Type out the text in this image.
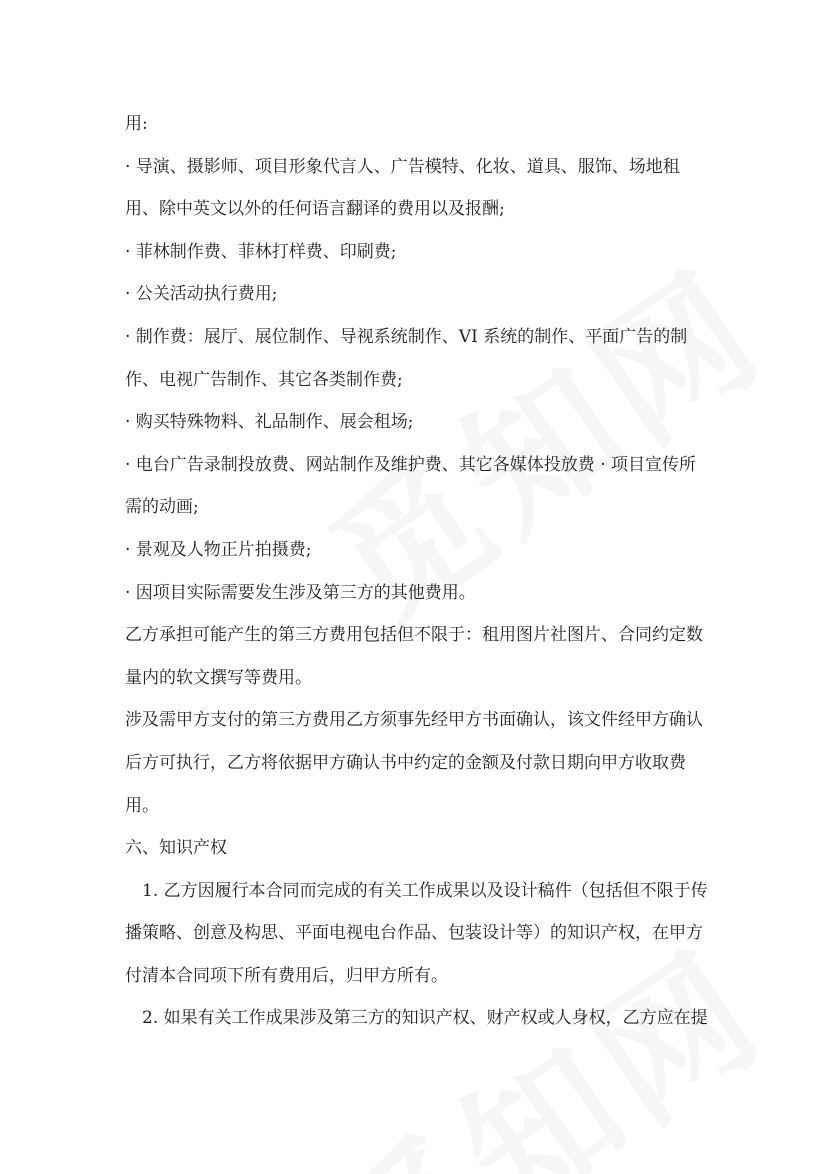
用:

· 导演、摄影师、项目形象代言人、广告模特、化妆、道具、服饰、场地租

用、除中英文以外的任何语言翻译的费用以及报酬;

· 菲林制作费、菲林打样费、印刷费;

· 公关活动执行费用;

· 制作费：展厅、展位制作、导视系统制作、VI 系统的制作、平面广告的制

作、电视广告制作、其它各类制作费;

· 购买特殊物料、礼品制作、展会租场;

· 电台广告录制投放费、网站制作及维护费、其它各媒体投放费 · 项目宣传所

需的动画;

· 景观及人物正片拍摄费;

· 因项目实际需要发生涉及第三方的其他费用。

乙方承担可能产生的第三方费用包括但不限于：租用图片社图片、合同约定数

量内的软文撰写等费用。

涉及需甲方支付的第三方费用乙方须事先经甲方书面确认，该文件经甲方确认

后方可执行，乙方将依据甲方确认书中约定的金额及付款日期向甲方收取费

用。

六、知识产权

1. 乙方因履行本合同而完成的有关工作成果以及设计稿件（包括但不限于传

播策略、创意及构思、平面电视电台作品、包装设计等）的知识产权，在甲方

付清本合同项下所有费用后，归甲方所有。

2. 如果有关工作成果涉及第三方的知识产权、财产权或人身权，乙方应在提
